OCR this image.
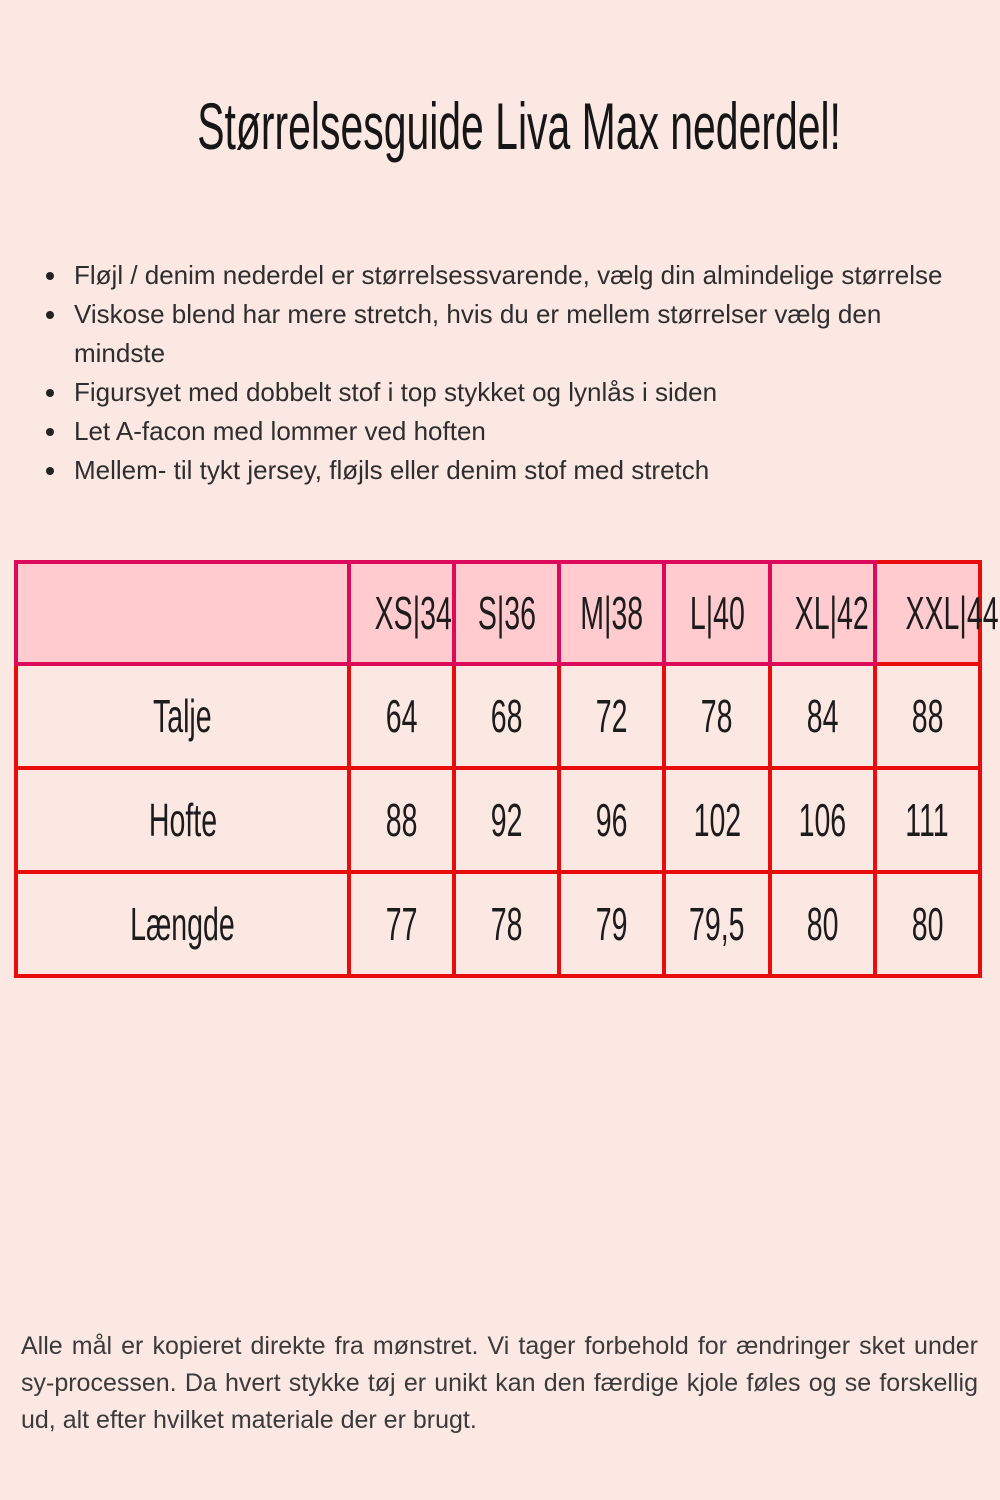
Størrelsesguide Liva Max nederdel!
• Fløjl / denim nederdel er størrelsessvarende, vælg din almindelige størrelse
• Viskose blend har mere stretch, hvis du er mellem størrelser vælg den mindste
• Figursyet med dobbelt stof i top stykket og lynlås i siden
• Let A-facon med lommer ved hoften
• Mellem- til tykt jersey, fløjls eller denim stof med stretch
	XS|34	S|36	M|38	L|40	XL|42	XXL|44
Talje	64	68	72	78	84	88
Hofte	88	92	96	102	106	111
Længde	77	78	79	79,5	80	80

Alle mål er kopieret direkte fra mønstret. Vi tager forbehold for ændringer sket under sy-processen. Da hvert stykke tøj er unikt kan den færdige kjole føles og se forskellig ud, alt efter hvilket materiale der er brugt.
